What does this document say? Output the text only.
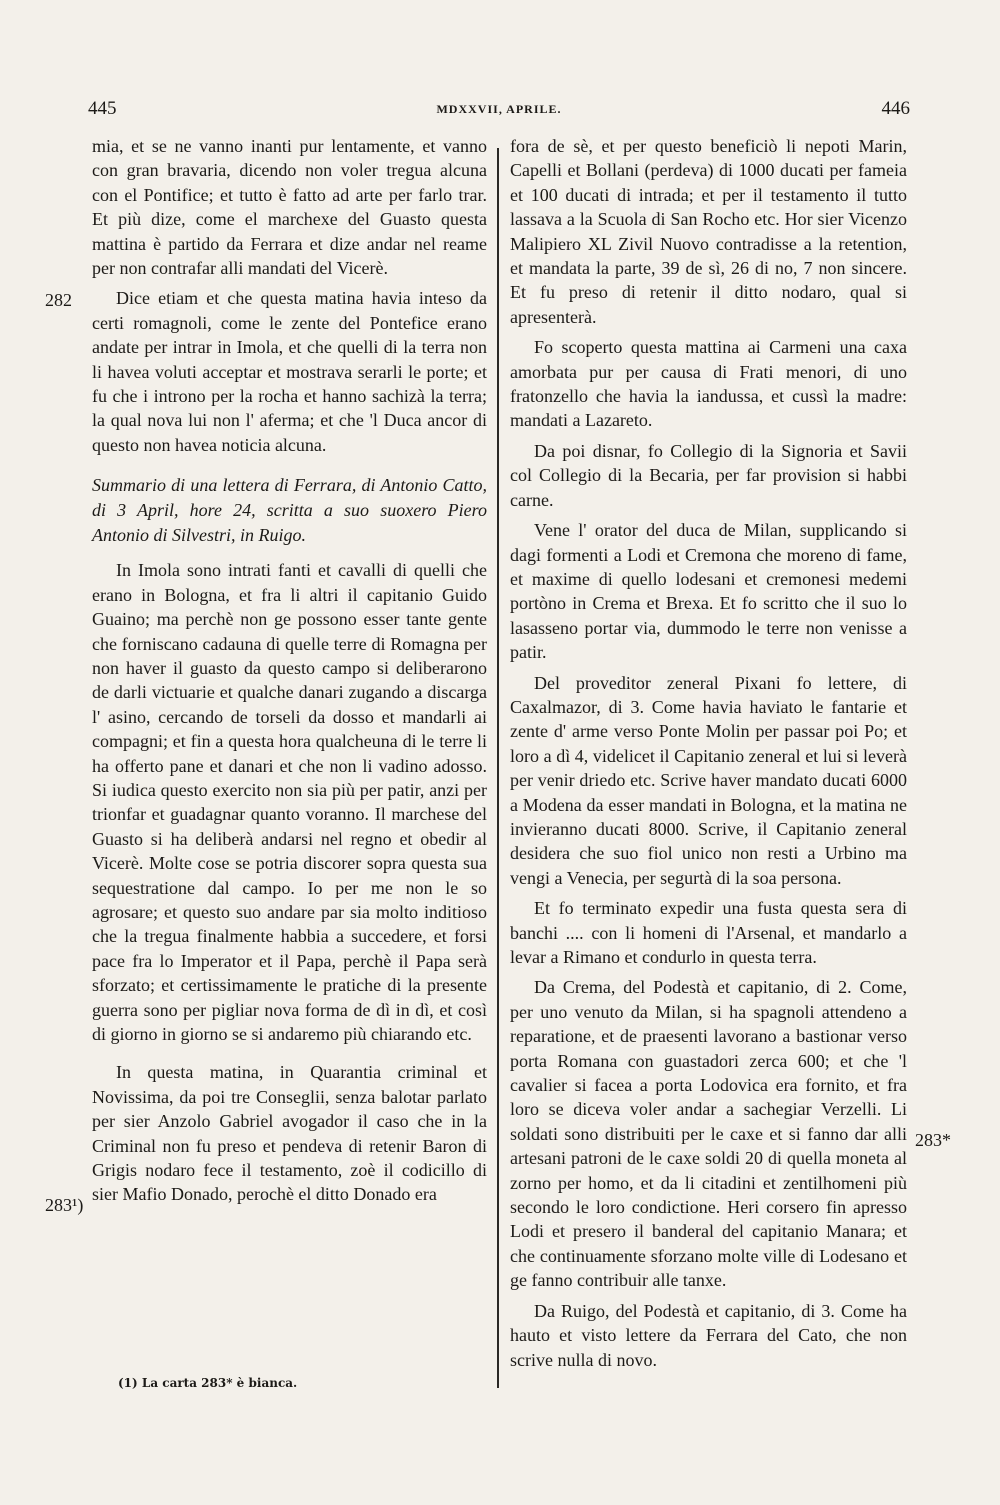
445	MDXXVII, APRILE.	446
282
283¹)
283*

mia, et se ne vanno inanti pur lentamente, et vanno con gran bravaria, dicendo non voler tregua alcuna con el Pontifice; et tutto è fatto ad arte per farlo trar. Et più dize, come el marchexe del Guasto questa mattina è partido da Ferrara et dize andar nel reame per non contrafar alli mandati del Vicerè.

Dice etiam et che questa matina havia inteso da certi romagnoli, come le zente del Pontefice erano andate per intrar in Imola, et che quelli di la terra non li havea voluti acceptar et mostrava serarli le porte; et fu che i introno per la rocha et hanno sachizà la terra; la qual nova lui non l' aferma; et che 'l Duca ancor di questo non havea noticia alcuna.

Summario di una lettera di Ferrara, di Antonio Catto, di 3 April, hore 24, scritta a suo suoxero Piero Antonio di Silvestri, in Ruigo.

In Imola sono intrati fanti et cavalli di quelli che erano in Bologna, et fra li altri il capitanio Guido Guaino; ma perchè non ge possono esser tante gente che forniscano cadauna di quelle terre di Romagna per non haver il guasto da questo campo si deliberarono de darli victuarie et qualche danari zugando a discarga l' asino, cercando de torseli da dosso et mandarli ai compagni; et fin a questa hora qualcheuna di le terre li ha offerto pane et danari et che non li vadino adosso. Si iudica questo exercito non sia più per patir, anzi per trionfar et guadagnar quanto voranno. Il marchese del Guasto si ha deliberà andarsi nel regno et obedir al Vicerè. Molte cose se potria discorer sopra questa sua sequestratione dal campo. Io per me non le so agrosare; et questo suo andare par sia molto inditioso che la tregua finalmente habbia a succedere, et forsi pace fra lo Imperator et il Papa, perchè il Papa serà sforzato; et certissimamente le pratiche di la presente guerra sono per pigliar nova forma de dì in dì, et così di giorno in giorno se si andaremo più chiarando etc.

In questa matina, in Quarantia criminal et Novissima, da poi tre Conseglii, senza balotar parlato per sier Anzolo Gabriel avogador il caso che in la Criminal non fu preso et pendeva di retenir Baron di Grigis nodaro fece il testamento, zoè il codicillo di sier Mafio Donado, perochè el ditto Donado era

fora de sè, et per questo beneficiò li nepoti Marin, Capelli et Bollani (perdeva) di 1000 ducati per fameia et 100 ducati di intrada; et per il testamento il tutto lassava a la Scuola di San Rocho etc. Hor sier Vicenzo Malipiero XL Zivil Nuovo contradisse a la retention, et mandata la parte, 39 de sì, 26 di no, 7 non sincere. Et fu preso di retenir il ditto nodaro, qual si apresenterà.

Fo scoperto questa mattina ai Carmeni una caxa amorbata pur per causa di Frati menori, di uno fratonzello che havia la iandussa, et cussì la madre: mandati a Lazareto.

Da poi disnar, fo Collegio di la Signoria et Savii col Collegio di la Becaria, per far provision si habbi carne.

Vene l' orator del duca de Milan, supplicando si dagi formenti a Lodi et Cremona che moreno di fame, et maxime di quello lodesani et cremonesi medemi portòno in Crema et Brexa. Et fo scritto che il suo lo lasasseno portar via, dummodo le terre non venisse a patir.

Del proveditor zeneral Pixani fo lettere, di Caxalmazor, di 3. Come havia haviato le fantarie et zente d' arme verso Ponte Molin per passar poi Po; et loro a dì 4, videlicet il Capitanio zeneral et lui si leverà per venir driedo etc. Scrive haver mandato ducati 6000 a Modena da esser mandati in Bologna, et la matina ne invieranno ducati 8000. Scrive, il Capitanio zeneral desidera che suo fiol unico non resti a Urbino ma vengi a Venecia, per segurtà di la soa persona.

Et fo terminato expedir una fusta questa sera di banchi .... con li homeni di l'Arsenal, et mandarlo a levar a Rimano et condurlo in questa terra.

Da Crema, del Podestà et capitanio, di 2. Come, per uno venuto da Milan, si ha spagnoli attendeno a reparatione, et de praesenti lavorano a bastionar verso porta Romana con guastadori zerca 600; et che 'l cavalier si facea a porta Lodovica era fornito, et fra loro se diceva voler andar a sachegiar Verzelli. Li soldati sono distribuiti per le caxe et si fanno dar alli artesani patroni de le caxe soldi 20 di quella moneta al zorno per homo, et da li citadini et zentilhomeni più secondo le loro condictione. Heri corsero fin apresso Lodi et presero il banderal del capitanio Manara; et che continuamente sforzano molte ville di Lodesano et ge fanno contribuir alle tanxe.

Da Ruigo, del Podestà et capitanio, di 3. Come ha hauto et visto lettere da Ferrara del Cato, che non scrive nulla di novo.

(1) La carta 283* è bianca.
